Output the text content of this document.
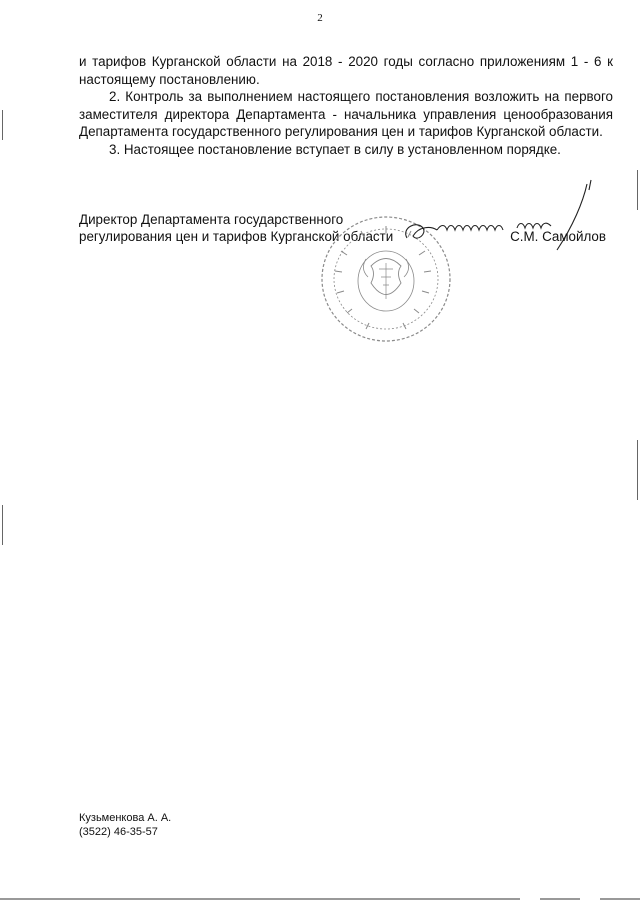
2

и тарифов Курганской области на 2018 - 2020 годы согласно приложениям 1 - 6 к настоящему постановлению.

2. Контроль за выполнением настоящего постановления возложить на первого заместителя директора Департамента - начальника управления ценообразования Департамента государственного регулирования цен и тарифов Курганской области.

3. Настоящее постановление вступает в силу в установленном порядке.

Директор Департамента государственного
регулирования цен и тарифов Курганской области	С.М. Самойлов
Кузьменкова А. А.
(3522) 46-35-57
